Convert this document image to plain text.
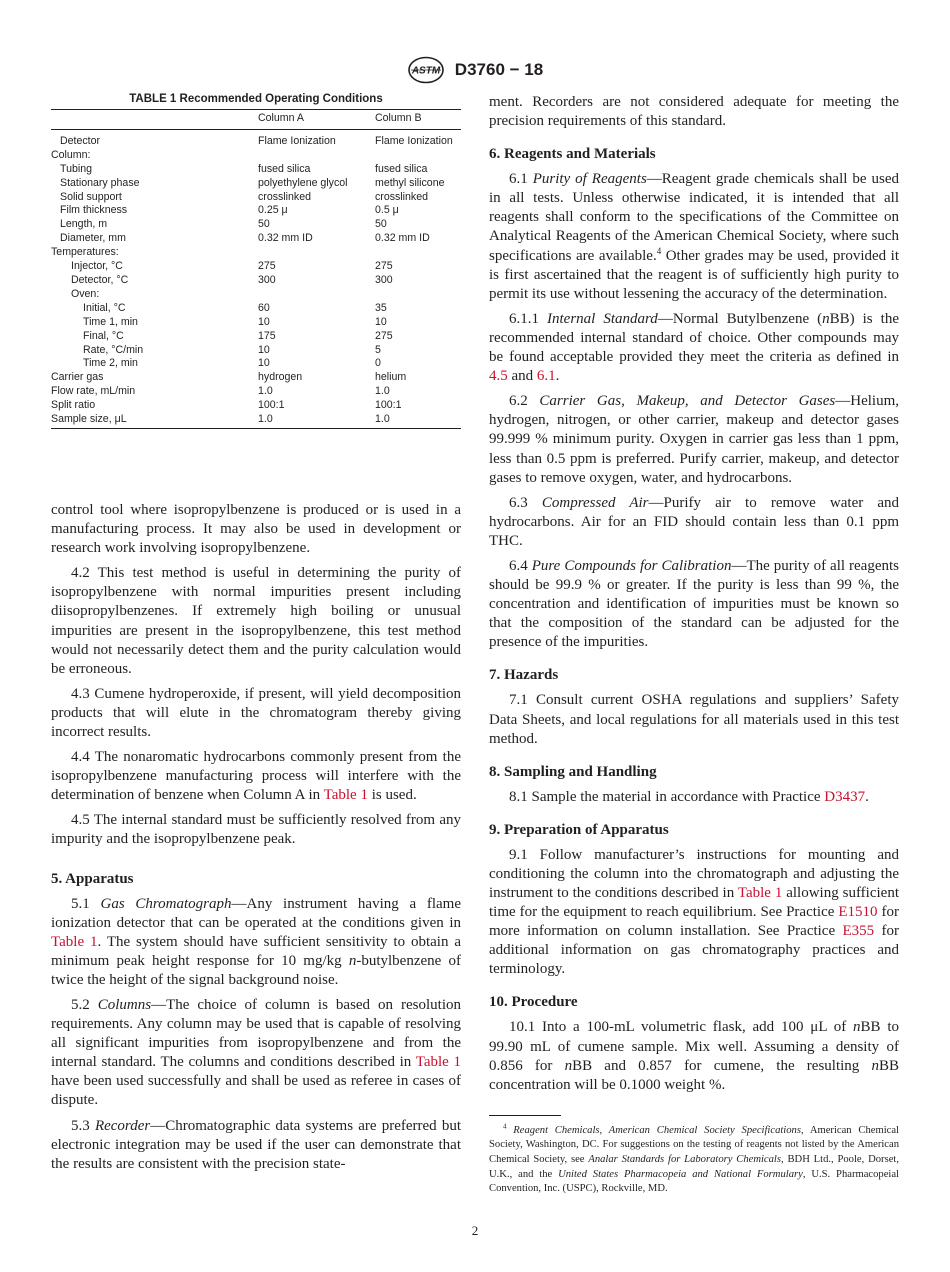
ASTM D3760 − 18
TABLE 1 Recommended Operating Conditions
	Column A	Column B
Detector	Flame Ionization	Flame Ionization
Column:		
Tubing	fused silica	fused silica
Stationary phase	polyethylene glycol	methyl silicone
Solid support	crosslinked	crosslinked
Film thickness	0.25 μ	0.5 μ
Length, m	50	50
Diameter, mm	0.32 mm ID	0.32 mm ID
Temperatures:		
Injector, °C	275	275
Detector, °C	300	300
Oven:		
Initial, °C	60	35
Time 1, min	10	10
Final, °C	175	275
Rate, °C/min	10	5
Time 2, min	10	0
Carrier gas	hydrogen	helium
Flow rate, mL/min	1.0	1.0
Split ratio	100:1	100:1
Sample size, μL	1.0	1.0

control tool where isopropylbenzene is produced or is used in a manufacturing process. It may also be used in development or research work involving isopropylbenzene.

4.2 This test method is useful in determining the purity of isopropylbenzene with normal impurities present including diisopropylbenzenes. If extremely high boiling or unusual impurities are present in the isopropylbenzene, this test method would not necessarily detect them and the purity calculation would be erroneous.

4.3 Cumene hydroperoxide, if present, will yield decomposition products that will elute in the chromatogram thereby giving incorrect results.

4.4 The nonaromatic hydrocarbons commonly present from the isopropylbenzene manufacturing process will interfere with the determination of benzene when Column A in Table 1 is used.

4.5 The internal standard must be sufficiently resolved from any impurity and the isopropylbenzene peak.

5. Apparatus

5.1 Gas Chromatograph—Any instrument having a flame ionization detector that can be operated at the conditions given in Table 1. The system should have sufficient sensitivity to obtain a minimum peak height response for 10 mg/kg n-butylbenzene of twice the height of the signal background noise.

5.2 Columns—The choice of column is based on resolution requirements. Any column may be used that is capable of resolving all significant impurities from isopropylbenzene and from the internal standard. The columns and conditions described in Table 1 have been used successfully and shall be used as referee in cases of dispute.

5.3 Recorder—Chromatographic data systems are preferred but electronic integration may be used if the user can demonstrate that the results are consistent with the precision state-

ment. Recorders are not considered adequate for meeting the precision requirements of this standard.

6. Reagents and Materials

6.1 Purity of Reagents—Reagent grade chemicals shall be used in all tests. Unless otherwise indicated, it is intended that all reagents shall conform to the specifications of the Committee on Analytical Reagents of the American Chemical Society, where such specifications are available.$^4$ Other grades may be used, provided it is first ascertained that the reagent is of sufficiently high purity to permit its use without lessening the accuracy of the determination.

6.1.1 Internal Standard—Normal Butylbenzene (nBB) is the recommended internal standard of choice. Other compounds may be found acceptable provided they meet the criteria as defined in 4.5 and 6.1.

6.2 Carrier Gas, Makeup, and Detector Gases—Helium, hydrogen, nitrogen, or other carrier, makeup and detector gases 99.999 % minimum purity. Oxygen in carrier gas less than 1 ppm, less than 0.5 ppm is preferred. Purify carrier, makeup, and detector gases to remove oxygen, water, and hydrocarbons.

6.3 Compressed Air—Purify air to remove water and hydrocarbons. Air for an FID should contain less than 0.1 ppm THC.

6.4 Pure Compounds for Calibration—The purity of all reagents should be 99.9 % or greater. If the purity is less than 99 %, the concentration and identification of impurities must be known so that the composition of the standard can be adjusted for the presence of the impurities.

7. Hazards

7.1 Consult current OSHA regulations and suppliers’ Safety Data Sheets, and local regulations for all materials used in this test method.

8. Sampling and Handling

8.1 Sample the material in accordance with Practice D3437.

9. Preparation of Apparatus

9.1 Follow manufacturer’s instructions for mounting and conditioning the column into the chromatograph and adjusting the instrument to the conditions described in Table 1 allowing sufficient time for the equipment to reach equilibrium. See Practice E1510 for more information on column installation. See Practice E355 for additional information on gas chromatography practices and terminology.

10. Procedure

10.1 Into a 100-mL volumetric flask, add 100 μL of nBB to 99.90 mL of cumene sample. Mix well. Assuming a density of 0.856 for nBB and 0.857 for cumene, the resulting nBB concentration will be 0.1000 weight %.

$^4$ Reagent Chemicals, American Chemical Society Specifications, American Chemical Society, Washington, DC. For suggestions on the testing of reagents not listed by the American Chemical Society, see Analar Standards for Laboratory Chemicals, BDH Ltd., Poole, Dorset, U.K., and the United States Pharmacopeia and National Formulary, U.S. Pharmacopeial Convention, Inc. (USPC), Rockville, MD.

2
